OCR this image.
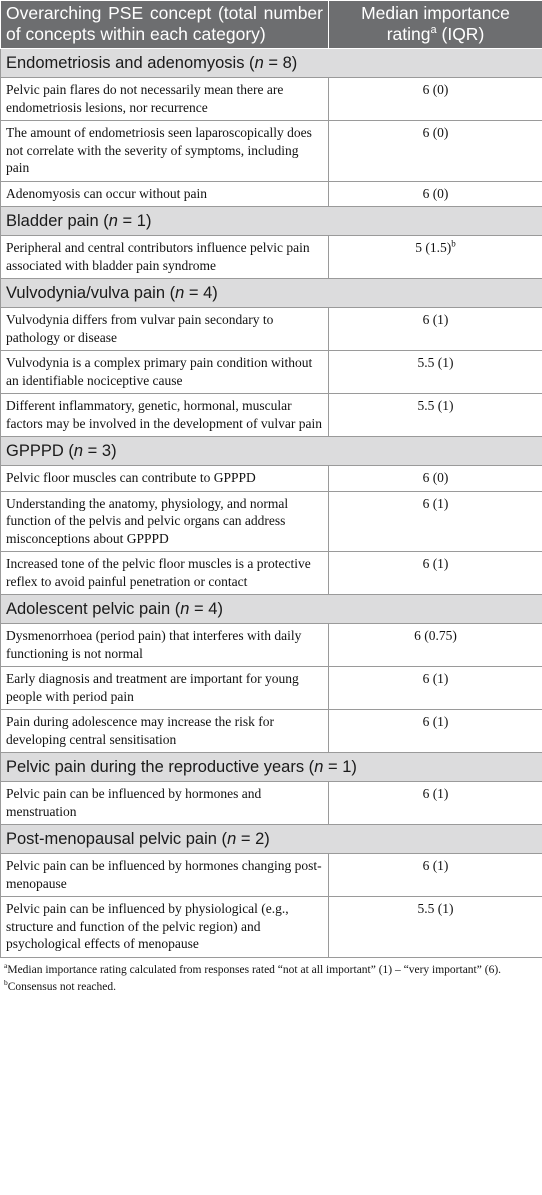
Overarching PSE concept (total number of concepts within each category)	Median importance rating$^a$ (IQR)
Endometriosis and adenomyosis (n = 8)	
Pelvic pain flares do not necessarily mean there are endometriosis lesions, nor recurrence	6 (0)
The amount of endometriosis seen laparoscopically does not correlate with the severity of symptoms, including pain	6 (0)
Adenomyosis can occur without pain	6 (0)
Bladder pain (n = 1)	
Peripheral and central contributors influence pelvic pain associated with bladder pain syndrome	5 $(1.5)^b$
Vulvodynia/vulva pain (n = 4)	
Vulvodynia differs from vulvar pain secondary to pathology or disease	6 (1)
Vulvodynia is a complex primary pain condition without an identifiable nociceptive cause	5.5 (1)
Different inflammatory, genetic, hormonal, muscular factors may be involved in the development of vulvar pain	5.5 (1)
GPPPD (n = 3)	
Pelvic floor muscles can contribute to GPPPD	6 (0)
Understanding the anatomy, physiology, and normal function of the pelvis and pelvic organs can address misconceptions about GPPPD	6 (1)
Increased tone of the pelvic floor muscles is a protective reflex to avoid painful penetration or contact	6 (1)
Adolescent pelvic pain (n = 4)	
Dysmenorrhoea (period pain) that interferes with daily functioning is not normal	6 (0.75)
Early diagnosis and treatment are important for young people with period pain	6 (1)
Pain during adolescence may increase the risk for developing central sensitisation	6 (1)
Pelvic pain during the reproductive years (n = 1)	
Pelvic pain can be influenced by hormones and menstruation	6 (1)
Post-menopausal pelvic pain (n = 2)	
Pelvic pain can be influenced by hormones changing post-menopause	6 (1)
Pelvic pain can be influenced by physiological (e.g., structure and function of the pelvic region) and psychological effects of menopause	5.5 (1)

$^a$Median importance rating calculated from responses rated “not at all important” (1) – “very important” (6).

$^b$Consensus not reached.
